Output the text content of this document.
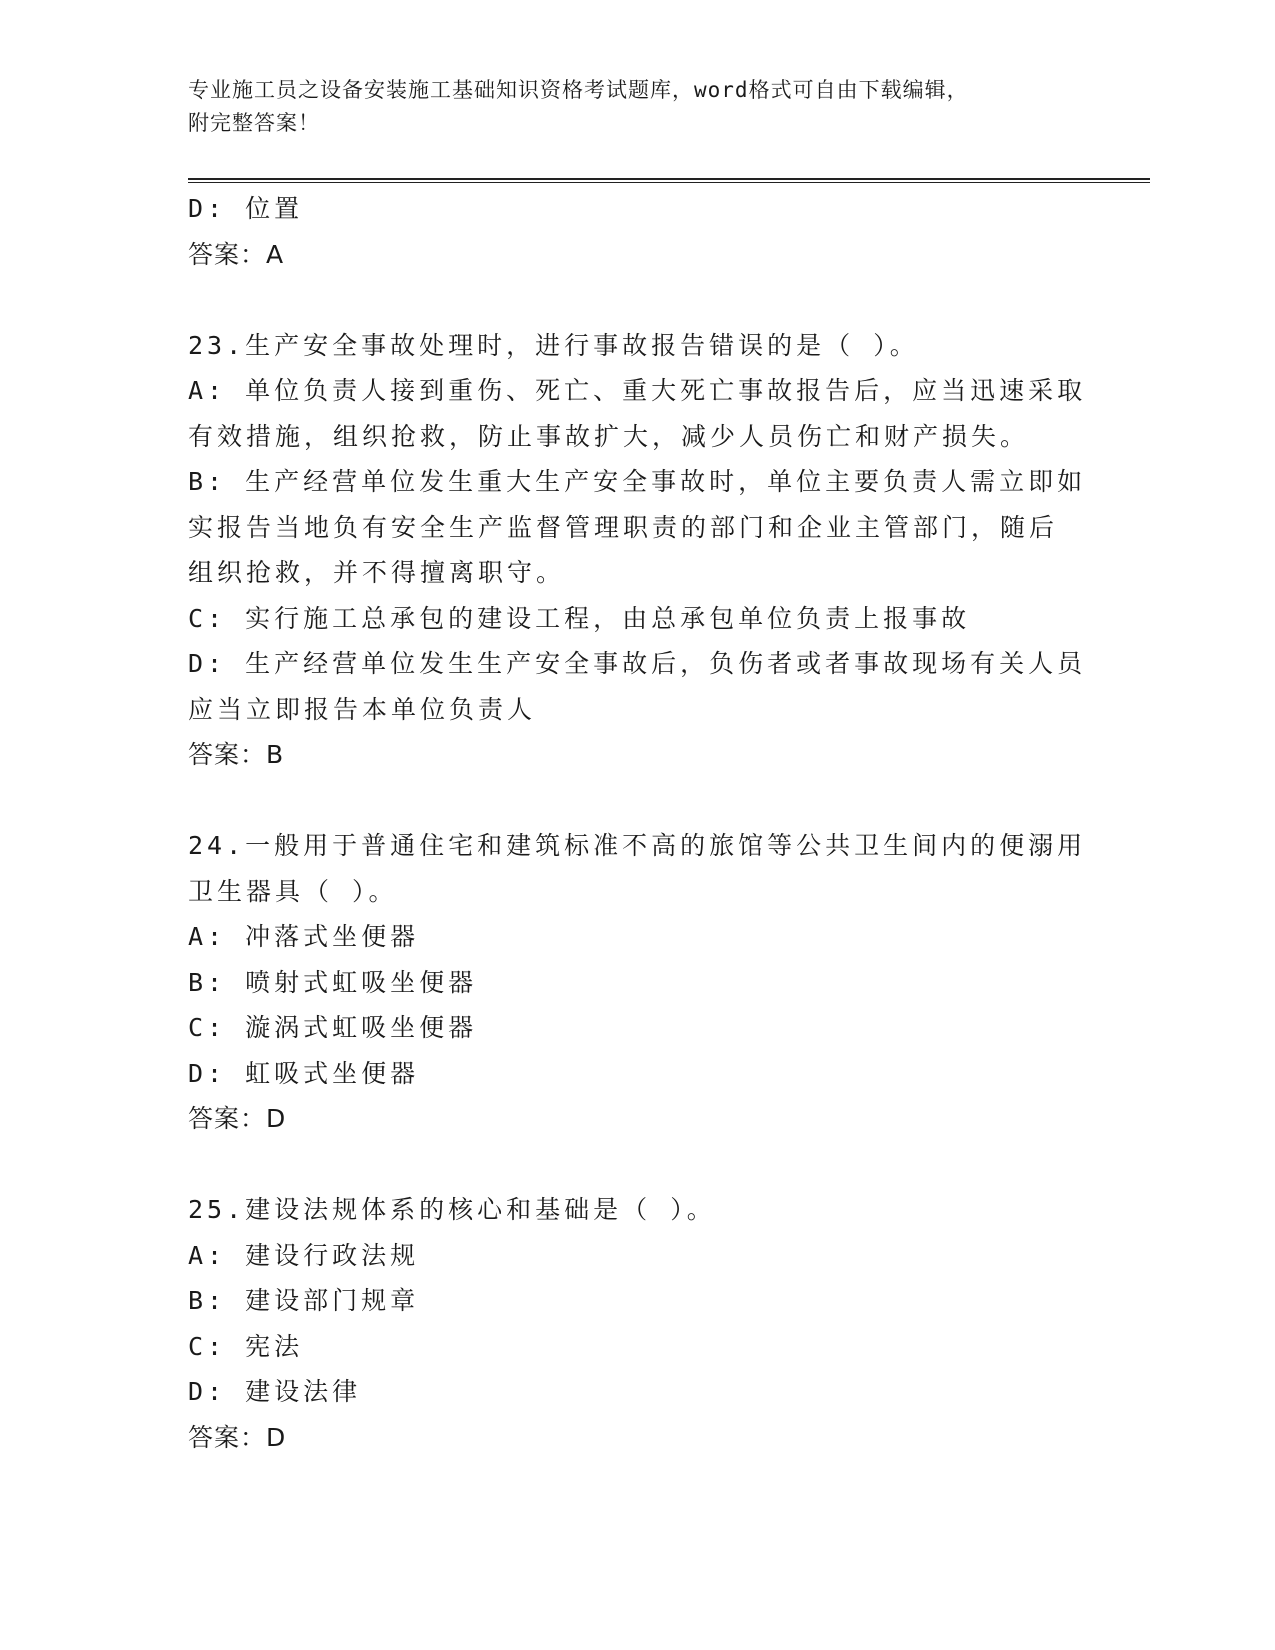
专业施工员之设备安装施工基础知识资格考试题库，word格式可自由下载编辑，
附完整答案！
D: 位置
答案：A
23.生产安全事故处理时，进行事故报告错误的是（ ）。
A: 单位负责人接到重伤、死亡、重大死亡事故报告后，应当迅速采取
有效措施，组织抢救，防止事故扩大，减少人员伤亡和财产损失。
B: 生产经营单位发生重大生产安全事故时，单位主要负责人需立即如
实报告当地负有安全生产监督管理职责的部门和企业主管部门，随后
组织抢救，并不得擅离职守。
C: 实行施工总承包的建设工程，由总承包单位负责上报事故
D: 生产经营单位发生生产安全事故后，负伤者或者事故现场有关人员
应当立即报告本单位负责人
答案：B
24.一般用于普通住宅和建筑标准不高的旅馆等公共卫生间内的便溺用
卫生器具（ ）。
A: 冲落式坐便器
B: 喷射式虹吸坐便器
C: 漩涡式虹吸坐便器
D: 虹吸式坐便器
答案：D
25.建设法规体系的核心和基础是（ ）。
A: 建设行政法规
B: 建设部门规章
C: 宪法
D: 建设法律
答案：D
